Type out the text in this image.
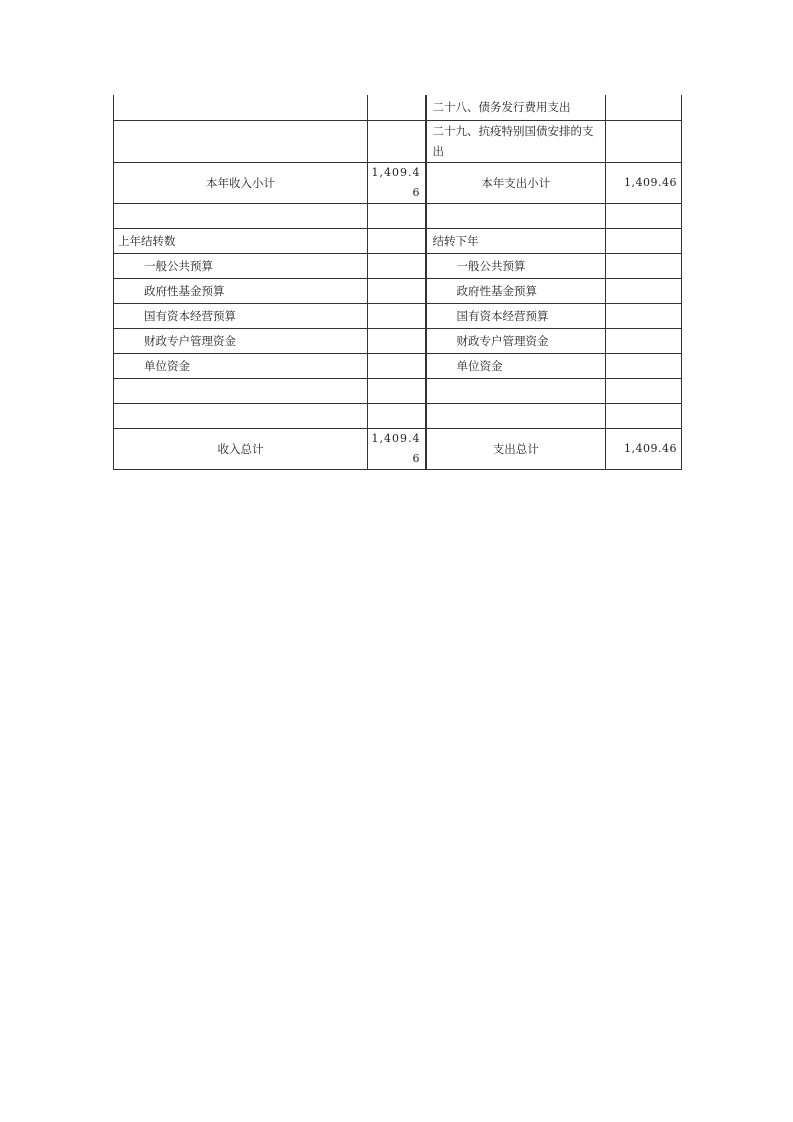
		二十八、债务发行费用支出	
		二十九、抗疫特别国债安排的支出	
本年收入小计	1,409.46	本年支出小计	1,409.46

上年结转数		结转下年	
一般公共预算		一般公共预算	
政府性基金预算		政府性基金预算	
国有资本经营预算		国有资本经营预算	
财政专户管理资金		财政专户管理资金	
单位资金		单位资金	

收入总计	1,409.46	支出总计	1,409.46
